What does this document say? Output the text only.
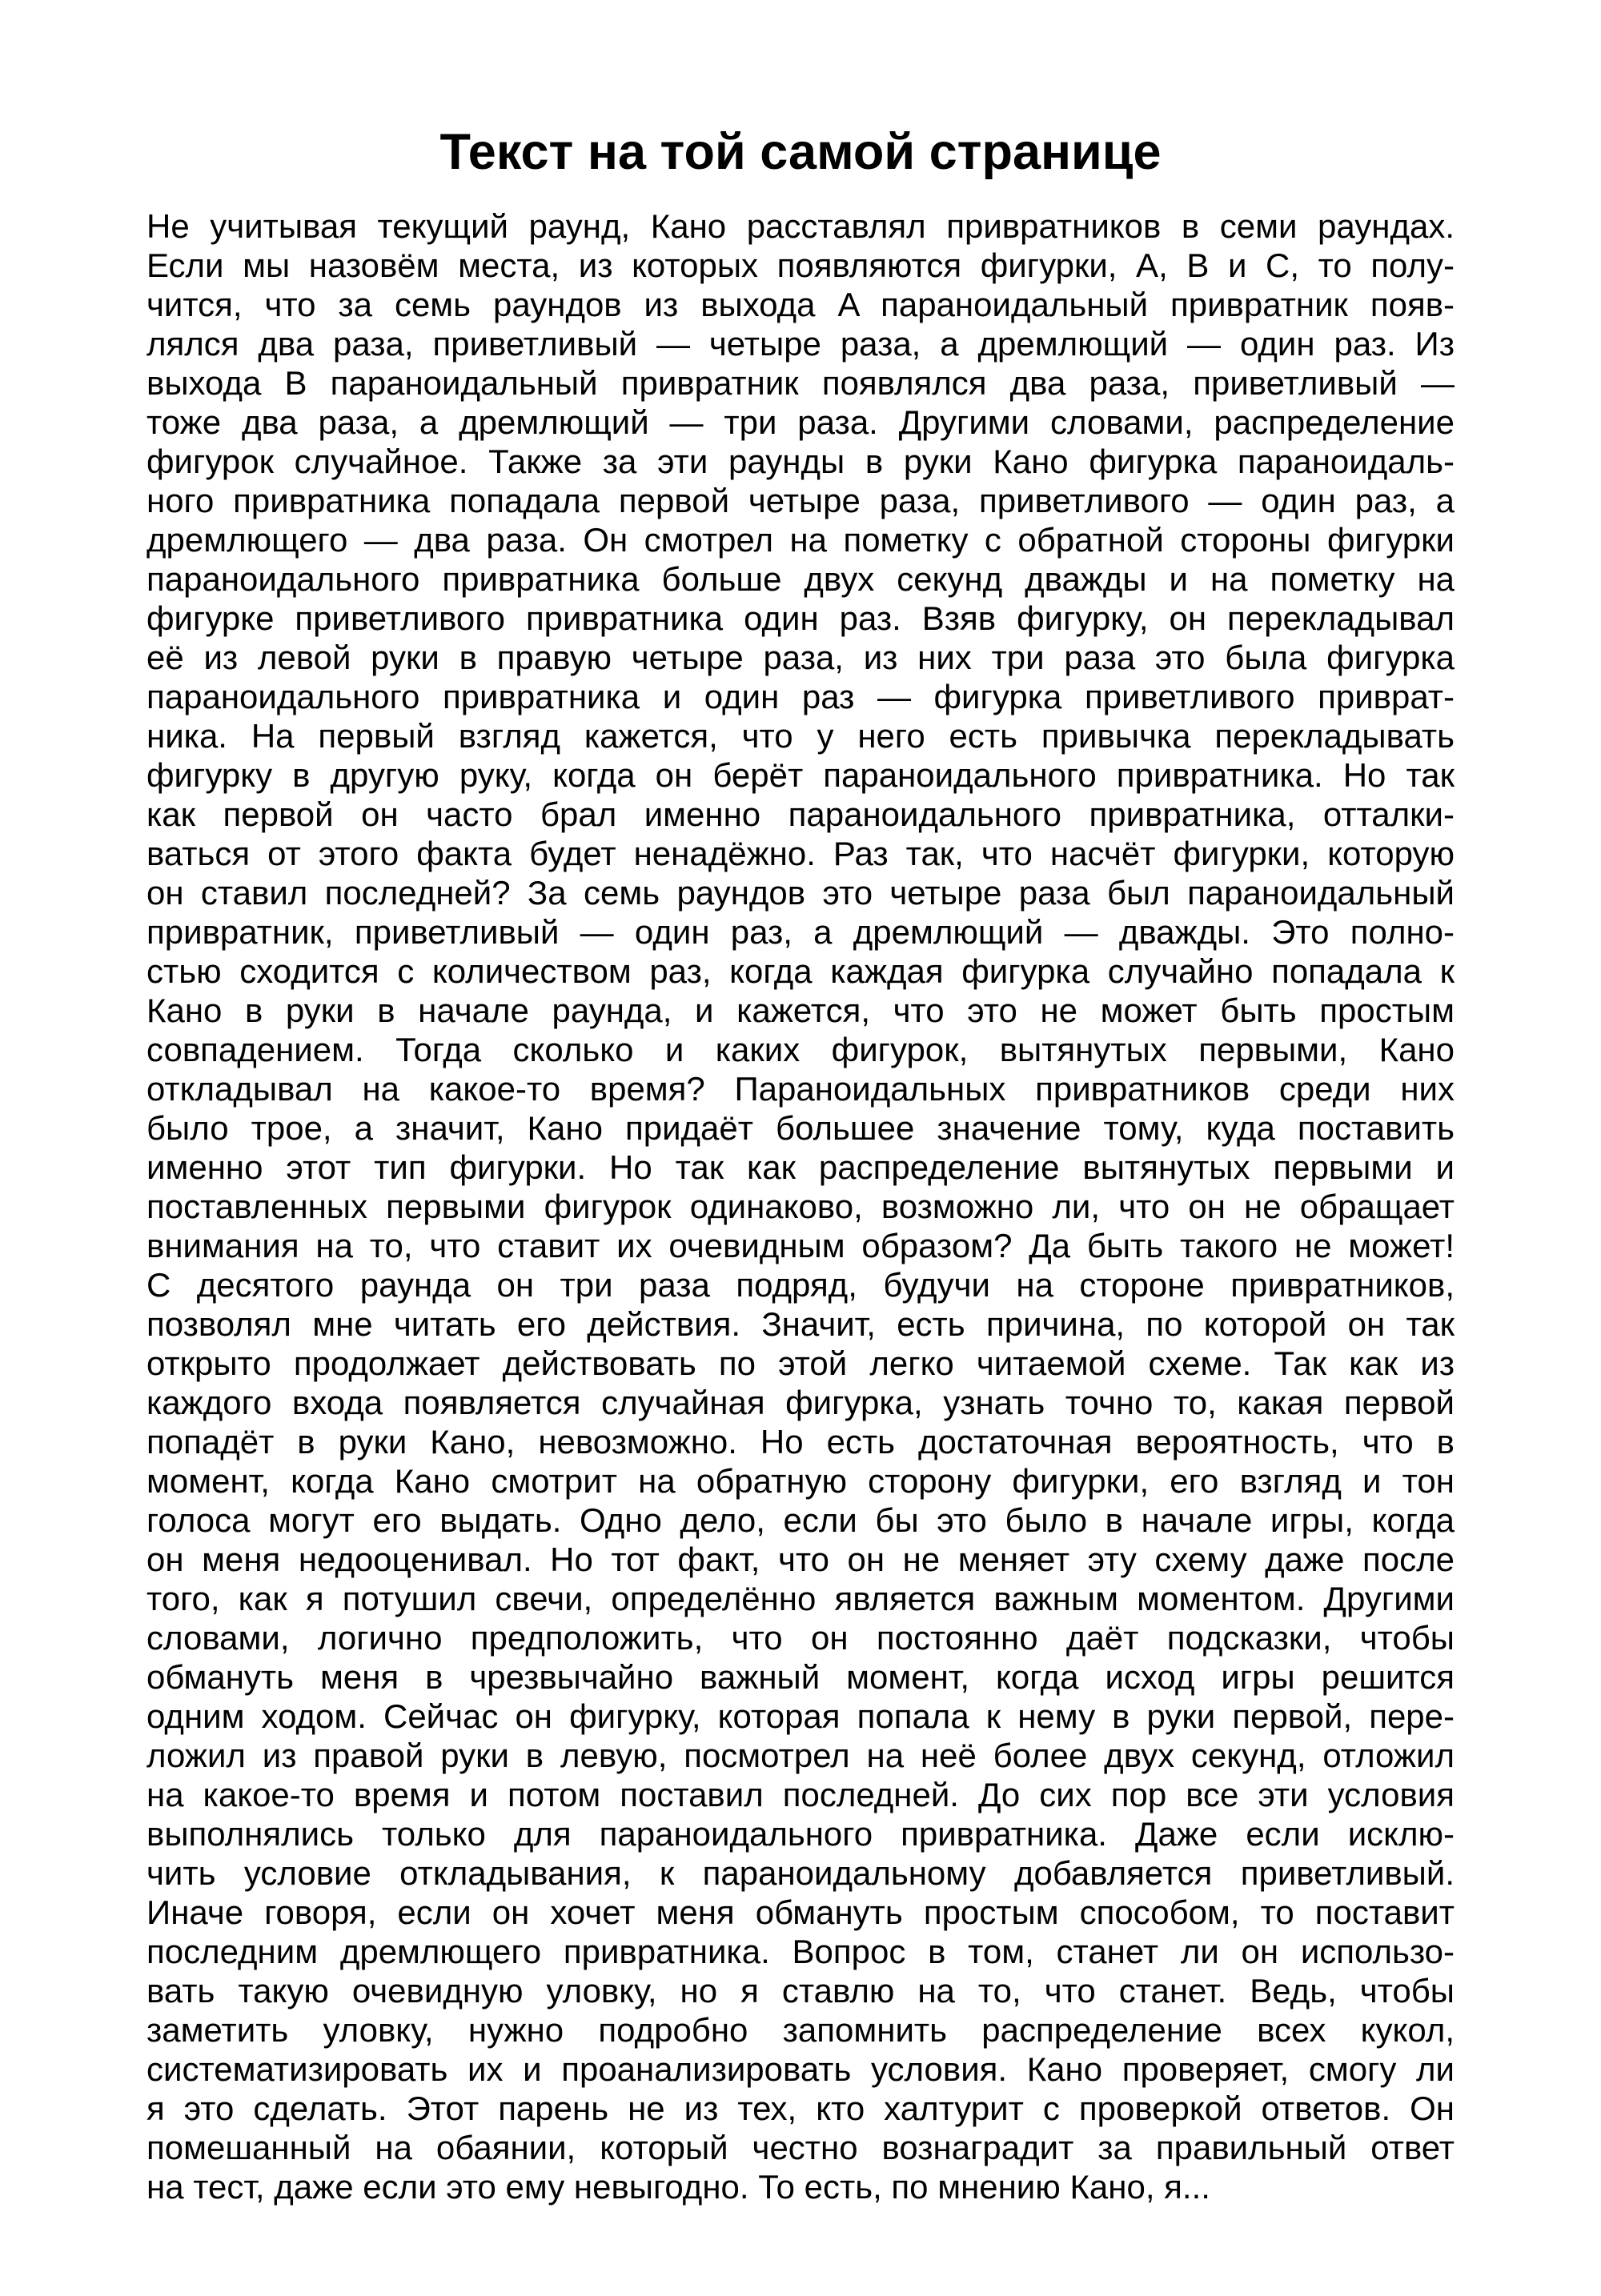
Текст на той самой странице
Не учитывая текущий раунд, Кано расставлял привратников в семи раундах.
Если мы назовём места, из которых появляются фигурки, A, B и C, то полу-
чится, что за семь раундов из выхода A параноидальный привратник появ-
лялся два раза, приветливый — четыре раза, а дремлющий — один раз. Из
выхода B параноидальный привратник появлялся два раза, приветливый —
тоже два раза, а дремлющий — три раза. Другими словами, распределение
фигурок случайное. Также за эти раунды в руки Кано фигурка параноидаль-
ного привратника попадала первой четыре раза, приветливого — один раз, а
дремлющего — два раза. Он смотрел на пометку с обратной стороны фигурки
параноидального привратника больше двух секунд дважды и на пометку на
фигурке приветливого привратника один раз. Взяв фигурку, он перекладывал
её из левой руки в правую четыре раза, из них три раза это была фигурка
параноидального привратника и один раз — фигурка приветливого приврат-
ника. На первый взгляд кажется, что у него есть привычка перекладывать
фигурку в другую руку, когда он берёт параноидального привратника. Но так
как первой он часто брал именно параноидального привратника, отталки-
ваться от этого факта будет ненадёжно. Раз так, что насчёт фигурки, которую
он ставил последней? За семь раундов это четыре раза был параноидальный
привратник, приветливый — один раз, а дремлющий — дважды. Это полно-
стью сходится с количеством раз, когда каждая фигурка случайно попадала к
Кано в руки в начале раунда, и кажется, что это не может быть простым
совпадением. Тогда сколько и каких фигурок, вытянутых первыми, Кано
откладывал на какое-то время? Параноидальных привратников среди них
было трое, а значит, Кано придаёт большее значение тому, куда поставить
именно этот тип фигурки. Но так как распределение вытянутых первыми и
поставленных первыми фигурок одинаково, возможно ли, что он не обращает
внимания на то, что ставит их очевидным образом? Да быть такого не может!
С десятого раунда он три раза подряд, будучи на стороне привратников,
позволял мне читать его действия. Значит, есть причина, по которой он так
открыто продолжает действовать по этой легко читаемой схеме. Так как из
каждого входа появляется случайная фигурка, узнать точно то, какая первой
попадёт в руки Кано, невозможно. Но есть достаточная вероятность, что в
момент, когда Кано смотрит на обратную сторону фигурки, его взгляд и тон
голоса могут его выдать. Одно дело, если бы это было в начале игры, когда
он меня недооценивал. Но тот факт, что он не меняет эту схему даже после
того, как я потушил свечи, определённо является важным моментом. Другими
словами, логично предположить, что он постоянно даёт подсказки, чтобы
обмануть меня в чрезвычайно важный момент, когда исход игры решится
одним ходом. Сейчас он фигурку, которая попала к нему в руки первой, пере-
ложил из правой руки в левую, посмотрел на неё более двух секунд, отложил
на какое-то время и потом поставил последней. До сих пор все эти условия
выполнялись только для параноидального привратника. Даже если исклю-
чить условие откладывания, к параноидальному добавляется приветливый.
Иначе говоря, если он хочет меня обмануть простым способом, то поставит
последним дремлющего привратника. Вопрос в том, станет ли он использо-
вать такую очевидную уловку, но я ставлю на то, что станет. Ведь, чтобы
заметить уловку, нужно подробно запомнить распределение всех кукол,
систематизировать их и проанализировать условия. Кано проверяет, смогу ли
я это сделать. Этот парень не из тех, кто халтурит с проверкой ответов. Он
помешанный на обаянии, который честно вознаградит за правильный ответ
на тест, даже если это ему невыгодно. То есть, по мнению Кано, я...
